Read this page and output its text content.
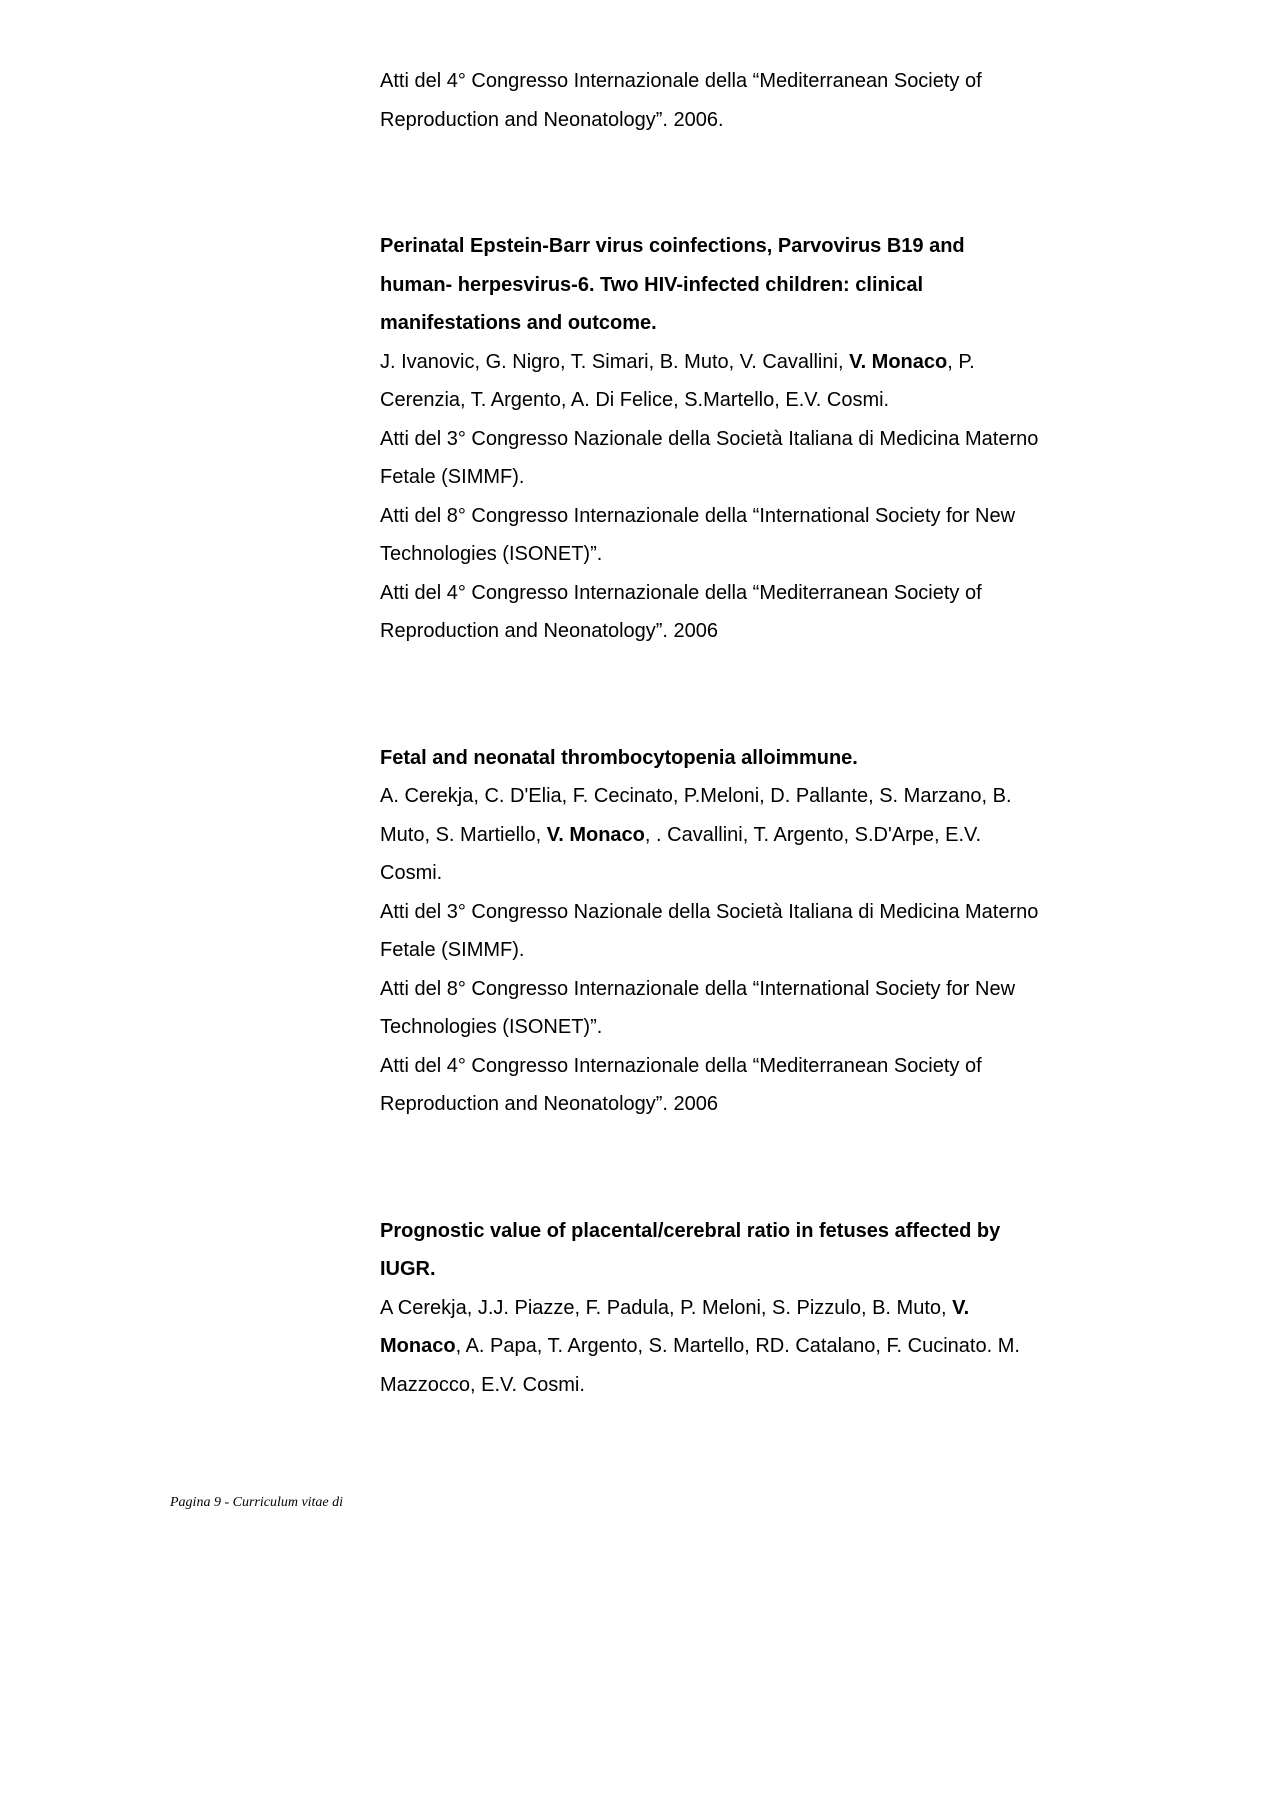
Atti del 4° Congresso Internazionale della “Mediterranean Society of Reproduction and Neonatology”. 2006.

Perinatal Epstein-Barr virus coinfections, Parvovirus B19 and human- herpesvirus-6. Two HIV-infected children: clinical manifestations and outcome.

J. Ivanovic, G. Nigro, T. Simari, B. Muto, V. Cavallini, V. Monaco, P. Cerenzia, T. Argento, A. Di Felice, S.Martello, E.V. Cosmi.

Atti del 3° Congresso Nazionale della Società Italiana di Medicina Materno Fetale (SIMMF).

Atti del 8° Congresso Internazionale della “International Society for New Technologies (ISONET)”.

Atti del 4° Congresso Internazionale della “Mediterranean Society of Reproduction and Neonatology”. 2006

Fetal and neonatal thrombocytopenia alloimmune.

A. Cerekja, C. D'Elia, F. Cecinato, P.Meloni, D. Pallante, S. Marzano, B. Muto, S. Martiello, V. Monaco, . Cavallini, T. Argento, S.D'Arpe, E.V. Cosmi.

Atti del 3° Congresso Nazionale della Società Italiana di Medicina Materno Fetale (SIMMF).

Atti del 8° Congresso Internazionale della “International Society for New Technologies (ISONET)”.

Atti del 4° Congresso Internazionale della “Mediterranean Society of Reproduction and Neonatology”. 2006

Prognostic value of placental/cerebral ratio in fetuses affected by IUGR.

A Cerekja, J.J. Piazze, F. Padula, P. Meloni, S. Pizzulo, B. Muto, V. Monaco, A. Papa, T. Argento, S. Martello, RD. Catalano, F. Cucinato. M. Mazzocco, E.V. Cosmi.

Pagina 9 - Curriculum vitae di
